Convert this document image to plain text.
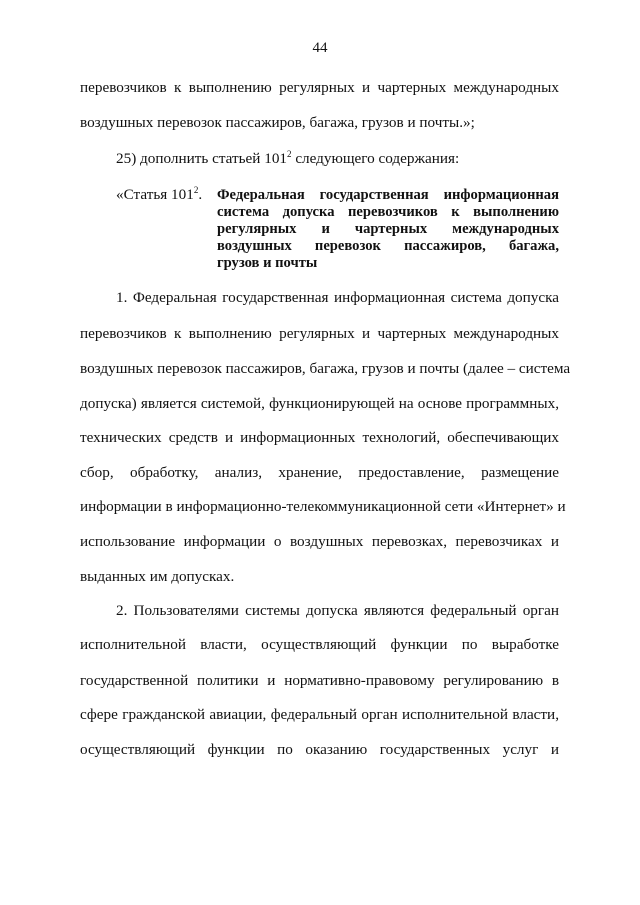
44
перевозчиков к выполнению регулярных и чартерных международных
воздушных перевозок пассажиров, багажа, грузов и почты.»;
25) дополнить статьей $101^2$ следующего содержания:
«Статья $101^2$. Федеральная государственная информационная
система допуска перевозчиков к выполнению
регулярных и чартерных международных
воздушных перевозок пассажиров, багажа,
грузов и почты
1. Федеральная государственная информационная система допуска
перевозчиков к выполнению регулярных и чартерных международных
воздушных перевозок пассажиров, багажа, грузов и почты (далее – система
допуска) является системой, функционирующей на основе программных,
технических средств и информационных технологий, обеспечивающих
сбор, обработку, анализ, хранение, предоставление, размещение
информации в информационно-телекоммуникационной сети «Интернет» и
использование информации о воздушных перевозках, перевозчиках и
выданных им допусках.
2. Пользователями системы допуска являются федеральный орган
исполнительной власти, осуществляющий функции по выработке
государственной политики и нормативно-правовому регулированию в
сфере гражданской авиации, федеральный орган исполнительной власти,
осуществляющий функции по оказанию государственных услуг и
